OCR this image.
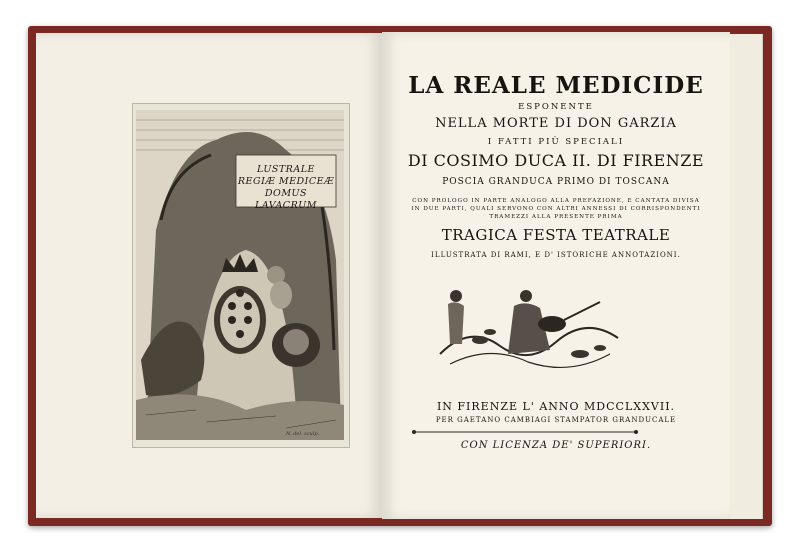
LUSTRALE
REGIÆ MEDICEÆ DOMUS
LAVACRUM
N. del. sculp.
LA REALE MEDICIDE
ESPONENTE
NELLA MORTE DI DON GARZIA
I FATTI PIÙ SPECIALI
DI COSIMO DUCA II. DI FIRENZE
POSCIA GRANDUCA PRIMO DI TOSCANA
CON PROLOGO IN PARTE ANALOGO ALLA PREFAZIONE, E CANTATA DIVISA
IN DUE PARTI, QUALI SERVONO CON ALTRI ANNESSI DI CORRISPONDENTI
TRAMEZZI ALLA PRESENTE PRIMA
TRAGICA FESTA TEATRALE
ILLUSTRATA DI RAMI, E D' ISTORICHE ANNOTAZIONI.
IN FIRENZE L' ANNO MDCCLXXVII.
PER GAETANO CAMBIAGI STAMPATOR GRANDUCALE
CON LICENZA DE' SUPERIORI.
